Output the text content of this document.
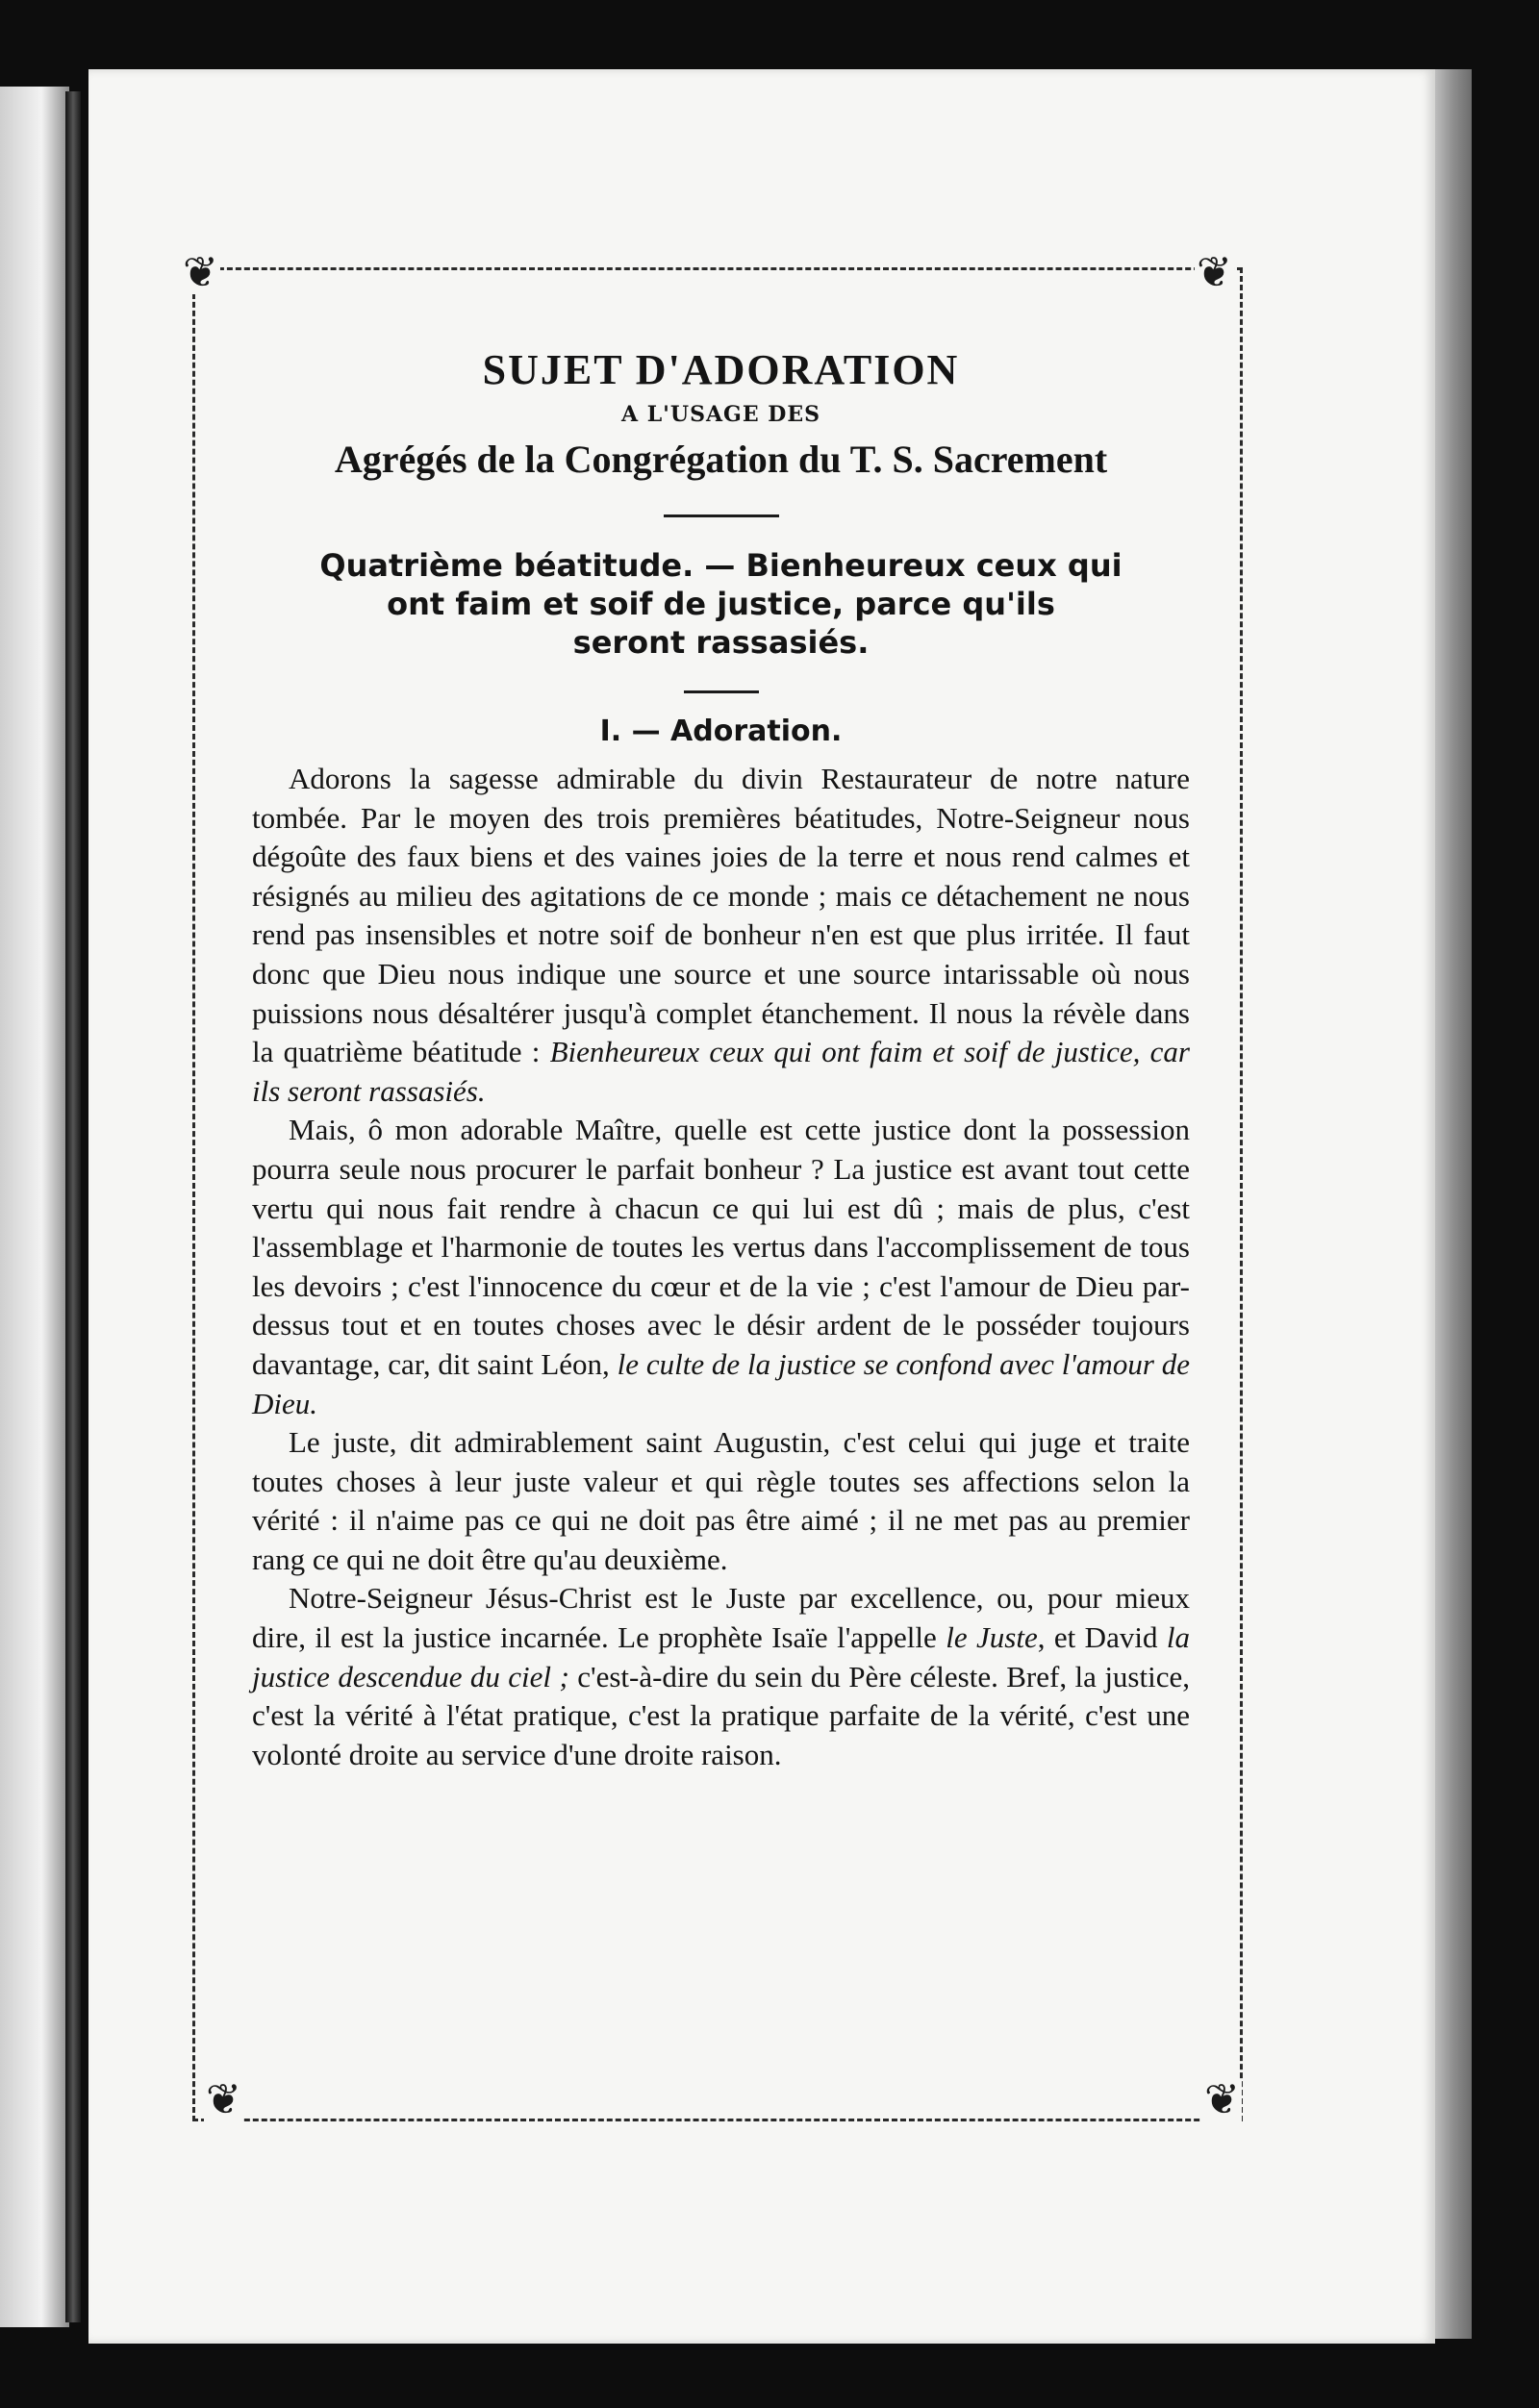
❦	❦
❦	❦
SUJET D'ADORATION
A L'USAGE DES
Agrégés de la Congrégation du T. S. Sacrement

Quatrième béatitude. — Bienheureux ceux qui
ont faim et soif de justice, parce qu'ils
seront rassasiés.

I. — Adoration.

Adorons la sagesse admirable du divin Restaurateur de notre nature tombée. Par le moyen des trois premières béatitudes, Notre-Seigneur nous dégoûte des faux biens et des vaines joies de la terre et nous rend calmes et résignés au milieu des agitations de ce monde ; mais ce détachement ne nous rend pas insensibles et notre soif de bonheur n'en est que plus irritée. Il faut donc que Dieu nous indique une source et une source intarissable où nous puissions nous désaltérer jusqu'à complet étanchement. Il nous la révèle dans la quatrième béatitude : Bienheureux ceux qui ont faim et soif de justice, car ils seront rassasiés.

Mais, ô mon adorable Maître, quelle est cette justice dont la possession pourra seule nous procurer le parfait bonheur ? La justice est avant tout cette vertu qui nous fait rendre à chacun ce qui lui est dû ; mais de plus, c'est l'assemblage et l'harmonie de toutes les vertus dans l'accomplissement de tous les devoirs ; c'est l'innocence du cœur et de la vie ; c'est l'amour de Dieu par-dessus tout et en toutes choses avec le désir ardent de le posséder toujours davantage, car, dit saint Léon, le culte de la justice se confond avec l'amour de Dieu.

Le juste, dit admirablement saint Augustin, c'est celui qui juge et traite toutes choses à leur juste valeur et qui règle toutes ses affections selon la vérité : il n'aime pas ce qui ne doit pas être aimé ; il ne met pas au premier rang ce qui ne doit être qu'au deuxième.

Notre-Seigneur Jésus-Christ est le Juste par excellence, ou, pour mieux dire, il est la justice incarnée. Le prophète Isaïe l'appelle le Juste, et David la justice descendue du ciel ; c'est-à-dire du sein du Père céleste. Bref, la justice, c'est la vérité à l'état pratique, c'est la pratique parfaite de la vérité, c'est une volonté droite au service d'une droite raison.
